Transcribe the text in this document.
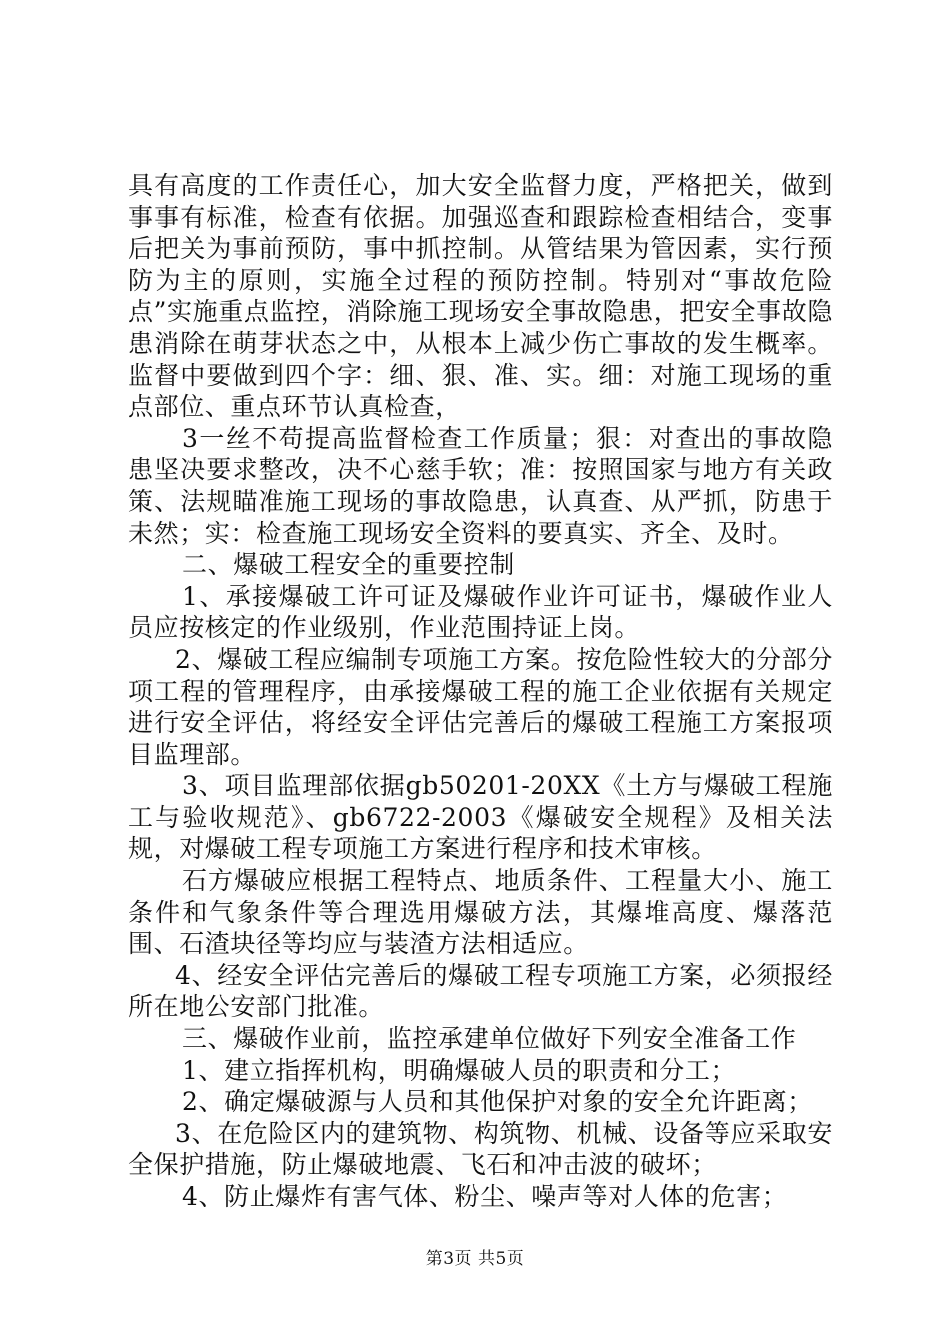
具有高度的工作责任心，加大安全监督力度，严格把关，做到事事有标准，检查有依据。加强巡查和跟踪检查相结合，变事后把关为事前预防，事中抓控制。从管结果为管因素，实行预防为主的原则，实施全过程的预防控制。特别对“事故危险点”实施重点监控，消除施工现场安全事故隐患，把安全事故隐患消除在萌芽状态之中，从根本上减少伤亡事故的发生概率。监督中要做到四个字：细、狠、准、实。细：对施工现场的重点部位、重点环节认真检查，

3一丝不苟提高监督检查工作质量；狠：对查出的事故隐患坚决要求整改，决不心慈手软；准：按照国家与地方有关政策、法规瞄准施工现场的事故隐患，认真查、从严抓，防患于未然；实：检查施工现场安全资料的要真实、齐全、及时。

二、爆破工程安全的重要控制

1、承接爆破工许可证及爆破作业许可证书，爆破作业人员应按核定的作业级别，作业范围持证上岗。

2、爆破工程应编制专项施工方案。按危险性较大的分部分项工程的管理程序，由承接爆破工程的施工企业依据有关规定进行安全评估，将经安全评估完善后的爆破工程施工方案报项目监理部。

3、项目监理部依据gb50201-20XX《土方与爆破工程施工与验收规范》、gb6722-2003《爆破安全规程》及相关法规，对爆破工程专项施工方案进行程序和技术审核。

石方爆破应根据工程特点、地质条件、工程量大小、施工条件和气象条件等合理选用爆破方法，其爆堆高度、爆落范围、石渣块径等均应与装渣方法相适应。

4、经安全评估完善后的爆破工程专项施工方案，必须报经所在地公安部门批准。

三、爆破作业前，监控承建单位做好下列安全准备工作

1、建立指挥机构，明确爆破人员的职责和分工；

2、确定爆破源与人员和其他保护对象的安全允许距离；

3、在危险区内的建筑物、构筑物、机械、设备等应采取安全保护措施，防止爆破地震、飞石和冲击波的破坏；

4、防止爆炸有害气体、粉尘、噪声等对人体的危害；

第3页 共5页
